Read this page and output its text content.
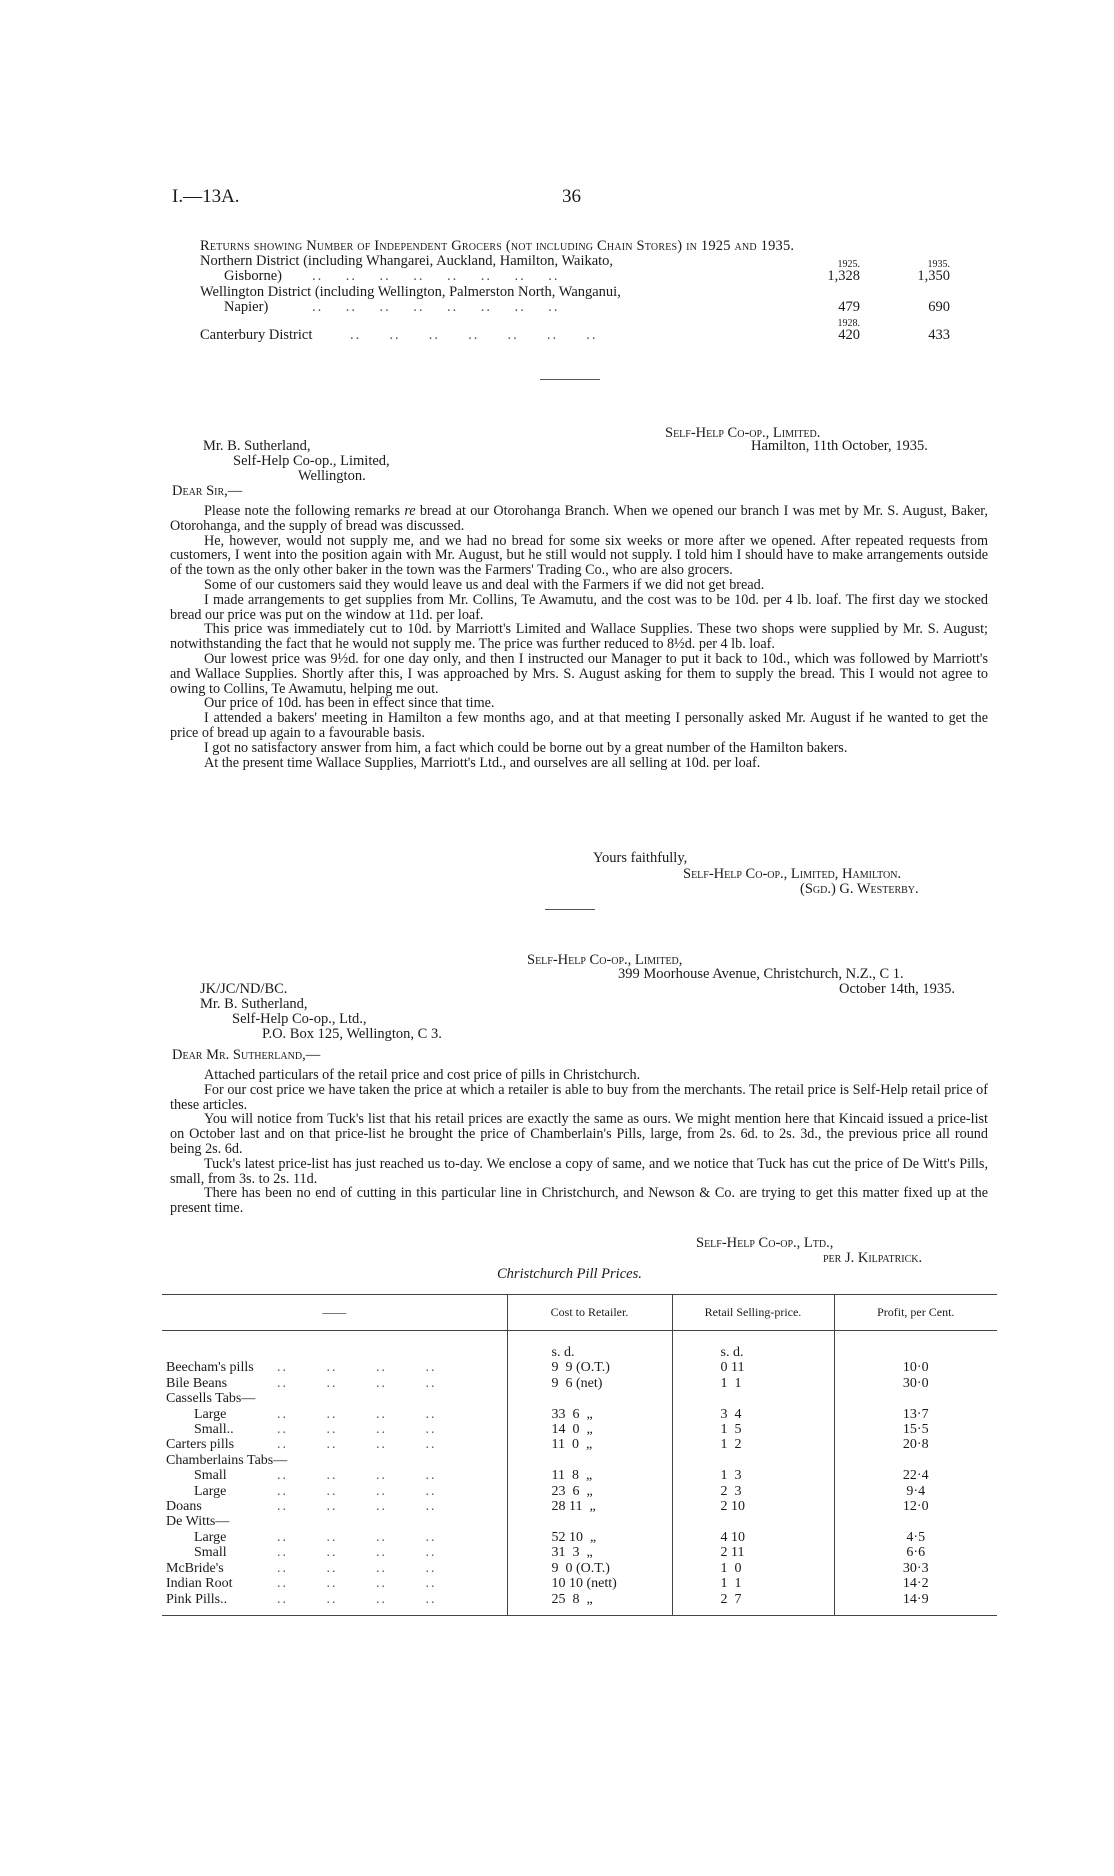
I.—13A.	36
Returns showing Number of Independent Grocers (not including Chain Stores) in 1925 and 1935.
1925.	1935.
Northern District (including Whangarei, Auckland, Hamilton, Waikato,
Gisborne) ..    ..    ..    ..    ..    ..    ..    ..	1,328	1,350
Wellington District (including Wellington, Palmerston North, Wanganui,
Napier)	..    ..    ..    ..    ..    ..    ..    ..	479	690
1928.
Canterbury District	..     ..     ..     ..     ..     ..     ..	420	433
Self-Help Co-op., Limited.
Hamilton, 11th October, 1935.
Mr. B. Sutherland,
Self-Help Co-op., Limited,
Wellington.
Dear Sir,—

Please note the following remarks re bread at our Otorohanga Branch. When we opened our branch I was met by Mr. S. August, Baker, Otorohanga, and the supply of bread was discussed.

He, however, would not supply me, and we had no bread for some six weeks or more after we opened. After repeated requests from customers, I went into the position again with Mr. August, but he still would not supply. I told him I should have to make arrangements outside of the town as the only other baker in the town was the Farmers' Trading Co., who are also grocers.

Some of our customers said they would leave us and deal with the Farmers if we did not get bread.

I made arrangements to get supplies from Mr. Collins, Te Awamutu, and the cost was to be 10d. per 4 lb. loaf. The first day we stocked bread our price was put on the window at 11d. per loaf.

This price was immediately cut to 10d. by Marriott's Limited and Wallace Supplies. These two shops were supplied by Mr. S. August; notwithstanding the fact that he would not supply me. The price was further reduced to 8½d. per 4 lb. loaf.

Our lowest price was 9½d. for one day only, and then I instructed our Manager to put it back to 10d., which was followed by Marriott's and Wallace Supplies. Shortly after this, I was approached by Mrs. S. August asking for them to supply the bread. This I would not agree to owing to Collins, Te Awamutu, helping me out.

Our price of 10d. has been in effect since that time.

I attended a bakers' meeting in Hamilton a few months ago, and at that meeting I personally asked Mr. August if he wanted to get the price of bread up again to a favourable basis.

I got no satisfactory answer from him, a fact which could be borne out by a great number of the Hamilton bakers.

At the present time Wallace Supplies, Marriott's Ltd., and ourselves are all selling at 10d. per loaf.

Yours faithfully,
Self-Help Co-op., Limited, Hamilton.
(Sgd.) G. Westerby.
Self-Help Co-op., Limited,
399 Moorhouse Avenue, Christchurch, N.Z., C 1.
October 14th, 1935.
JK/JC/ND/BC.
Mr. B. Sutherland,
Self-Help Co-op., Ltd.,
P.O. Box 125, Wellington, C 3.
Dear Mr. Sutherland,—

Attached particulars of the retail price and cost price of pills in Christchurch.

For our cost price we have taken the price at which a retailer is able to buy from the merchants. The retail price is Self-Help retail price of these articles.

You will notice from Tuck's list that his retail prices are exactly the same as ours. We might mention here that Kincaid issued a price-list on October last and on that price-list he brought the price of Chamberlain's Pills, large, from 2s. 6d. to 2s. 3d., the previous price all round being 2s. 6d.

Tuck's latest price-list has just reached us to-day. We enclose a copy of same, and we notice that Tuck has cut the price of De Witt's Pills, small, from 3s. to 2s. 11d.

There has been no end of cutting in this particular line in Christchurch, and Newson & Co. are trying to get this matter fixed up at the present time.

Self-Help Co-op., Ltd.,
per J. Kilpatrick.
Christchurch Pill Prices.
——	Cost to Retailer.	Retail Selling-price.	Profit, per Cent.
	s. d.	s. d.	
Beecham's pills ..       ..       ..       ..	9  9 (O.T.)	0 11	10·0
Bile Beans ..       ..       ..       ..	9  6 (net)	1  1	30·0
Cassells Tabs—			
Large ..       ..       ..       ..	33  6  „	3  4	13·7
Small.. ..       ..       ..       ..	14  0  „	1  5	15·5
Carters pills ..       ..       ..       ..	11  0  „	1  2	20·8
Chamberlains Tabs—			
Small ..       ..       ..       ..	11  8  „	1  3	22·4
Large ..       ..       ..       ..	23  6  „	2  3	9·4
Doans ..       ..       ..       ..	28 11  „	2 10	12·0
De Witts—			
Large ..       ..       ..       ..	52 10  „	4 10	4·5
Small ..       ..       ..       ..	31  3  „	2 11	6·6
McBride's ..       ..       ..       ..	9  0 (O.T.)	1  0	30·3
Indian Root ..       ..       ..       ..	10 10 (nett)	1  1	14·2
Pink Pills.. ..       ..       ..       ..	25  8  „	2  7	14·9
